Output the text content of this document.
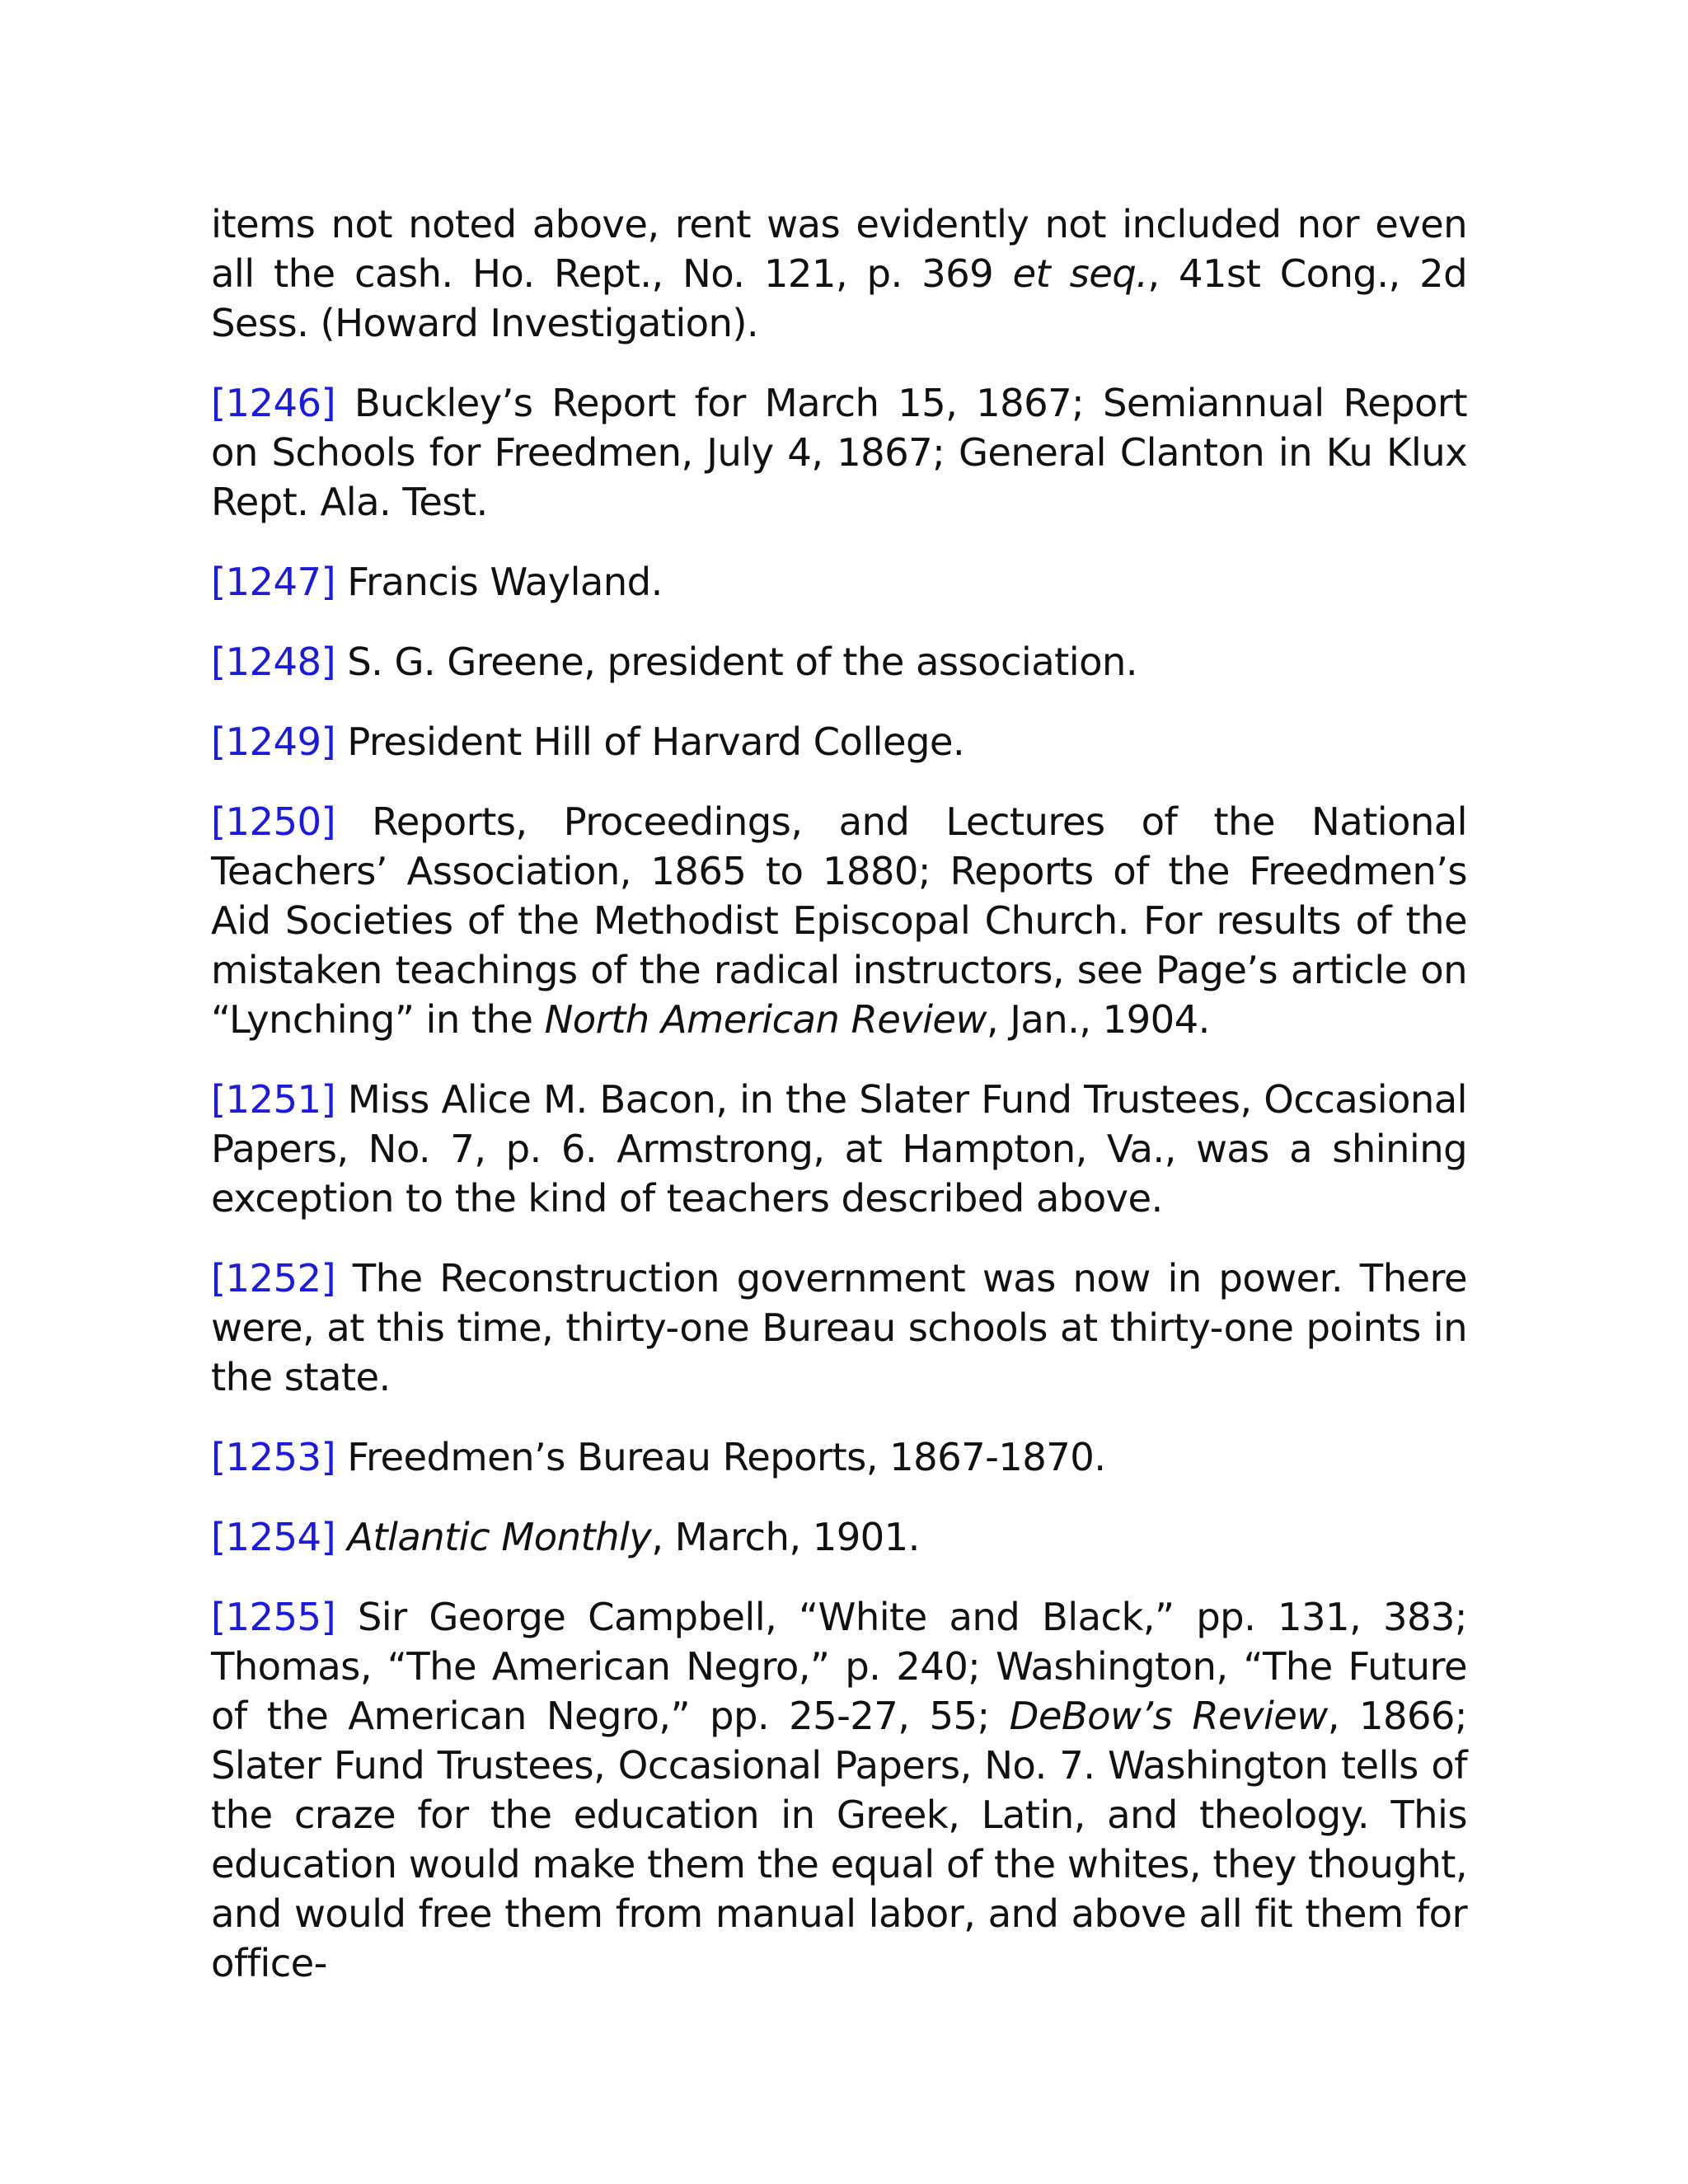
items not noted above, rent was evidently not included nor even all the cash. Ho. Rept., No. 121, p. 369 et seq., 41st Cong., 2d Sess. (Howard Investigation).

[1246] Buckley’s Report for March 15, 1867; Semiannual Report on Schools for Freedmen, July 4, 1867; General Clanton in Ku Klux Rept. Ala. Test.

[1247] Francis Wayland.

[1248] S. G. Greene, president of the association.

[1249] President Hill of Harvard College.

[1250] Reports, Proceedings, and Lectures of the National Teachers’ Association, 1865 to 1880; Reports of the Freedmen’s Aid Societies of the Methodist Episcopal Church. For results of the mistaken teachings of the radical instructors, see Page’s article on “Lynching” in the North American Review, Jan., 1904.

[1251] Miss Alice M. Bacon, in the Slater Fund Trustees, Occasional Papers, No. 7, p. 6. Armstrong, at Hampton, Va., was a shining exception to the kind of teachers described above.

[1252] The Reconstruction government was now in power. There were, at this time, thirty-one Bureau schools at thirty-one points in the state.

[1253] Freedmen’s Bureau Reports, 1867-1870.

[1254] Atlantic Monthly, March, 1901.

[1255] Sir George Campbell, “White and Black,” pp. 131, 383; Thomas, “The American Negro,” p. 240; Washington, “The Future of the American Negro,” pp. 25-27, 55; DeBow’s Review, 1866; Slater Fund Trustees, Occasional Papers, No. 7. Washington tells of the craze for the education in Greek, Latin, and theology. This education would make them the equal of the whites, they thought, and would free them from manual labor, and above all fit them for office-
